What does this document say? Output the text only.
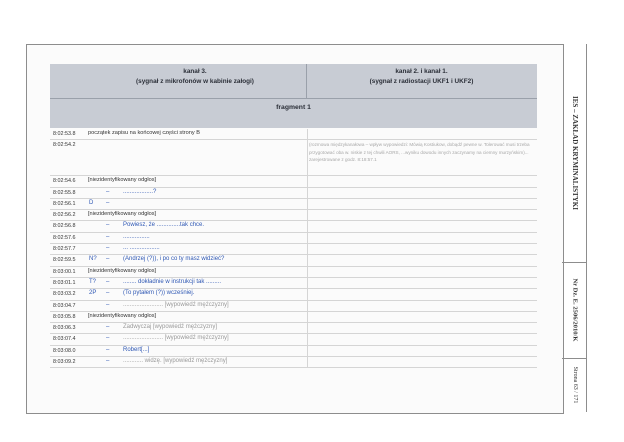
kanał 3.
(sygnał z mikrofonów w kabinie załogi)
kanał 2. i kanał 1.
(sygnał z radiostacji UKF1 i UKF2)
fragment 1
8:02:53.8 początek zapisu na końcowej części strony B
8:02:54.2	(rozmowa międzykanałowa – wpływ wypowiedzi: Mówią Kostiukow, dobądź pewne w. Tolerować musi trzeba przygotować oba w. niskie z tej chwili AORS, ...wyniku dowodu innych zaczynamy na ciemny murzyńskim)... zarejestrowane z godz. 8:18:57.1
8:02:54.6 [niezidentyfikowany odgłos]
8:02:55.8	– ..................?
8:02:56.1 D –
8:02:56.2 [niezidentyfikowany odgłos]
8:02:56.8	– Powiesz, że ..............tak chce.
8:02:57.6	– ................
8:02:57.7	– ... ..................
8:02:59.5 N? – (Andrzej (?)), i po co ty masz widzieć?
8:03:00.1 [niezidentyfikowany odgłos]
8:03:01.1 T? – ........ dokładnie w instrukcji tak .........
8:03:03.2 2P – (To pytałem (?)) wcześniej.
8:03:04.7	– ........................ [wypowiedź mężczyzny]
8:03:05.8 [niezidentyfikowany odgłos]
8:03:06.3	– Zadwyczaj [wypowiedź mężczyzny]
8:03:07.4	– ........................ [wypowiedź mężczyzny]
8:03:08.0	– Robert[...]
8:03:09.2	– ............ widzę. [wypowiedź mężczyzny]
IES – ZAKŁAD KRYMINALISTYKI
Nr Dz. E. 2506/2010/K
Strona 63 / 171
